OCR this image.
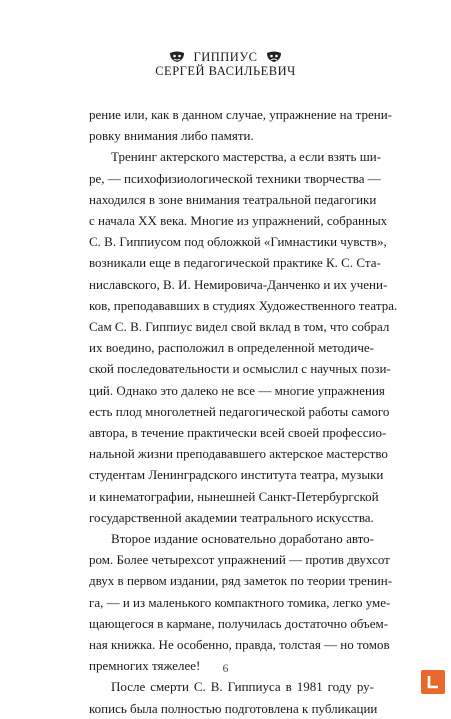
ГИППИУС
СЕРГЕЙ ВАСИЛЬЕВИЧ

рение или, как в данном случае, упражнение на трени-
ровку внимания либо памяти.

Тренинг актерского мастерства, а если взять ши-
ре, — психофизиологической техники творчества —
находился в зоне внимания театральной педагогики
с начала XX века. Многие из упражнений, собранных
С. В. Гиппиусом под обложкой «Гимнастики чувств»,
возникали еще в педагогической практике К. С. Ста-
ниславского, В. И. Немировича-Данченко и их учени-
ков, преподававших в студиях Художественного театра.
Сам С. В. Гиппиус видел свой вклад в том, что собрал
их воедино, расположил в определенной методиче-
ской последовательности и осмыслил с научных пози-
ций. Однако это далеко не все — многие упражнения
есть плод многолетней педагогической работы самого
автора, в течение практически всей своей профессио-
нальной жизни преподававшего актерское мастерство
студентам Ленинградского института театра, музыки
и кинематографии, нынешней Санкт-Петербургской
государственной академии театрального искусства.

Второе издание основательно доработано авто-
ром. Более четырехсот упражнений — против двухсот
двух в первом издании, ряд заметок по теории тренин-
га, — и из маленького компактного томика, легко уме-
щающегося в кармане, получилась достаточно объем-
ная книжка. Не особенно, правда, толстая — но томов
премногих тяжелее!

После смерти С. В. Гиппиуса в 1981 году ру-
копись была полностью подготовлена к публикации

6
